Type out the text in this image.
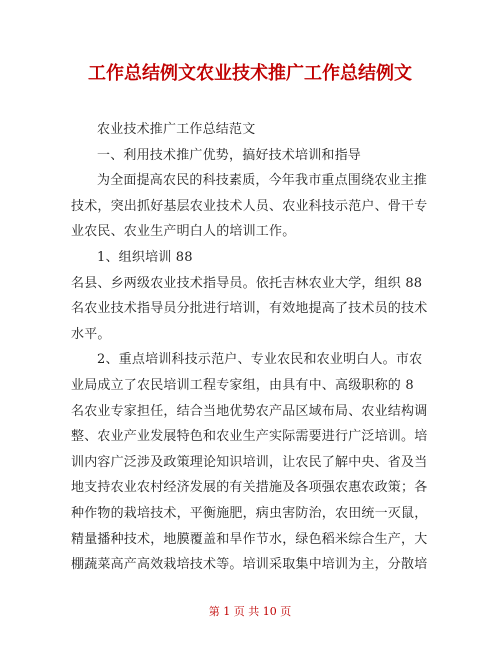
工作总结例文农业技术推广工作总结例文
农业技术推广工作总结范文
一、利用技术推广优势，搞好技术培训和指导
为全面提高农民的科技素质，今年我市重点围绕农业主推
技术，突出抓好基层农业技术人员、农业科技示范户、骨干专
业农民、农业生产明白人的培训工作。
1、组织培训 88
名县、乡两级农业技术指导员。依托吉林农业大学，组织 88
名农业技术指导员分批进行培训，有效地提高了技术员的技术
水平。
2、重点培训科技示范户、专业农民和农业明白人。市农
业局成立了农民培训工程专家组，由具有中、高级职称的 8
名农业专家担任，结合当地优势农产品区域布局、农业结构调
整、农业产业发展特色和农业生产实际需要进行广泛培训。培
训内容广泛涉及政策理论知识培训，让农民了解中央、省及当
地支持农业农村经济发展的有关措施及各项强农惠农政策；各
种作物的栽培技术，平衡施肥，病虫害防治，农田统一灭鼠，
精量播种技术，地膜覆盖和旱作节水，绿色稻米综合生产，大
棚蔬菜高产高效栽培技术等。培训采取集中培训为主，分散培
第 1 页 共 10 页
